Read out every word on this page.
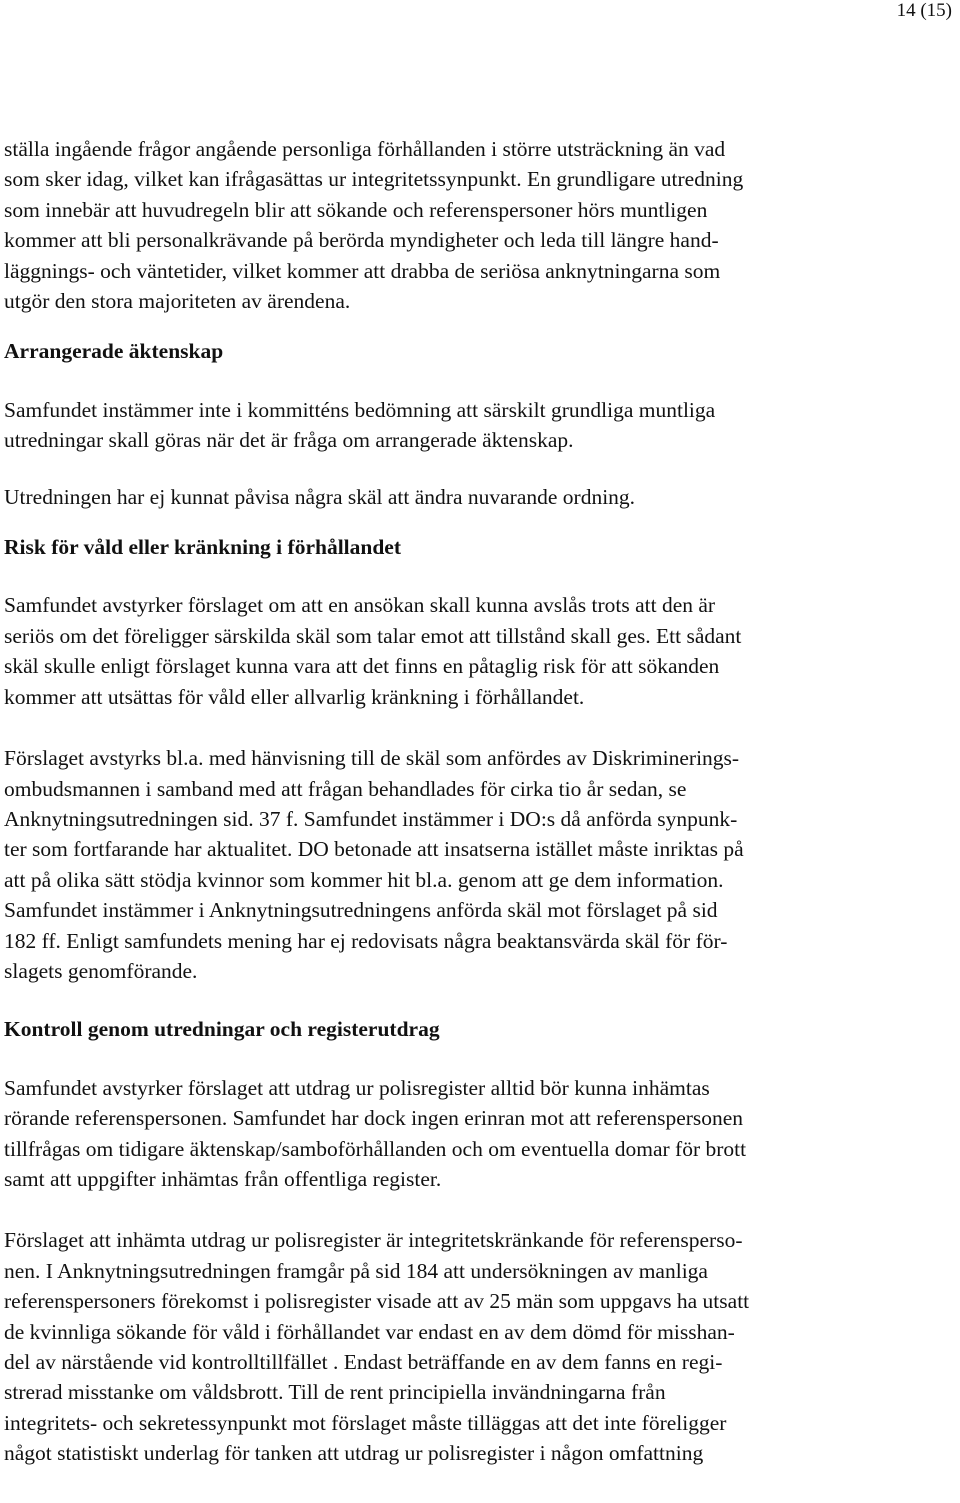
14 (15)
ställa ingående frågor angående personliga förhållanden i större utsträckning än vad
som sker idag, vilket kan ifrågasättas ur integritetssynpunkt. En grundligare utredning
som innebär att huvudregeln blir att sökande och referenspersoner hörs muntligen
kommer att bli personalkrävande på berörda myndigheter och leda till längre hand-
läggnings- och väntetider, vilket kommer att drabba de seriösa anknytningarna som
utgör den stora majoriteten av ärendena.
Arrangerade äktenskap
Samfundet instämmer inte i kommitténs bedömning att särskilt grundliga muntliga
utredningar skall göras när det är fråga om arrangerade äktenskap.
Utredningen har ej kunnat påvisa några skäl att ändra nuvarande ordning.
Risk för våld eller kränkning i förhållandet
Samfundet avstyrker förslaget om att en ansökan skall kunna avslås trots att den är
seriös om det föreligger särskilda skäl som talar emot att tillstånd skall ges. Ett sådant
skäl skulle enligt förslaget kunna vara att det finns en påtaglig risk för att sökanden
kommer att utsättas för våld eller allvarlig kränkning i förhållandet.
Förslaget avstyrks bl.a. med hänvisning till de skäl som anfördes av Diskriminerings-
ombudsmannen i samband med att frågan behandlades för cirka tio år sedan, se
Anknytningsutredningen sid. 37 f. Samfundet instämmer i DO:s då anförda synpunk-
ter som fortfarande har aktualitet. DO betonade att insatserna istället måste inriktas på
att på olika sätt stödja kvinnor som kommer hit bl.a. genom att ge dem information.
Samfundet instämmer i Anknytningsutredningens anförda skäl mot förslaget på sid
182 ff. Enligt samfundets mening har ej redovisats några beaktansvärda skäl för för-
slagets genomförande.
Kontroll genom utredningar och registerutdrag
Samfundet avstyrker förslaget att utdrag ur polisregister alltid bör kunna inhämtas
rörande referenspersonen. Samfundet har dock ingen erinran mot att referenspersonen
tillfrågas om tidigare äktenskap/samboförhållanden och om eventuella domar för brott
samt att uppgifter inhämtas från offentliga register.
Förslaget att inhämta utdrag ur polisregister är integritetskränkande för referensperso-
nen. I Anknytningsutredningen framgår på sid 184 att undersökningen av manliga
referenspersoners förekomst i polisregister visade att av 25 män som uppgavs ha utsatt
de kvinnliga sökande för våld i förhållandet var endast en av dem dömd för misshan-
del av närstående vid kontrolltillfället . Endast beträffande en av dem fanns en regi-
strerad misstanke om våldsbrott. Till de rent principiella invändningarna från
integritets- och sekretessynpunkt mot förslaget måste tilläggas att det inte föreligger
något statistiskt underlag för tanken att utdrag ur polisregister i någon omfattning
